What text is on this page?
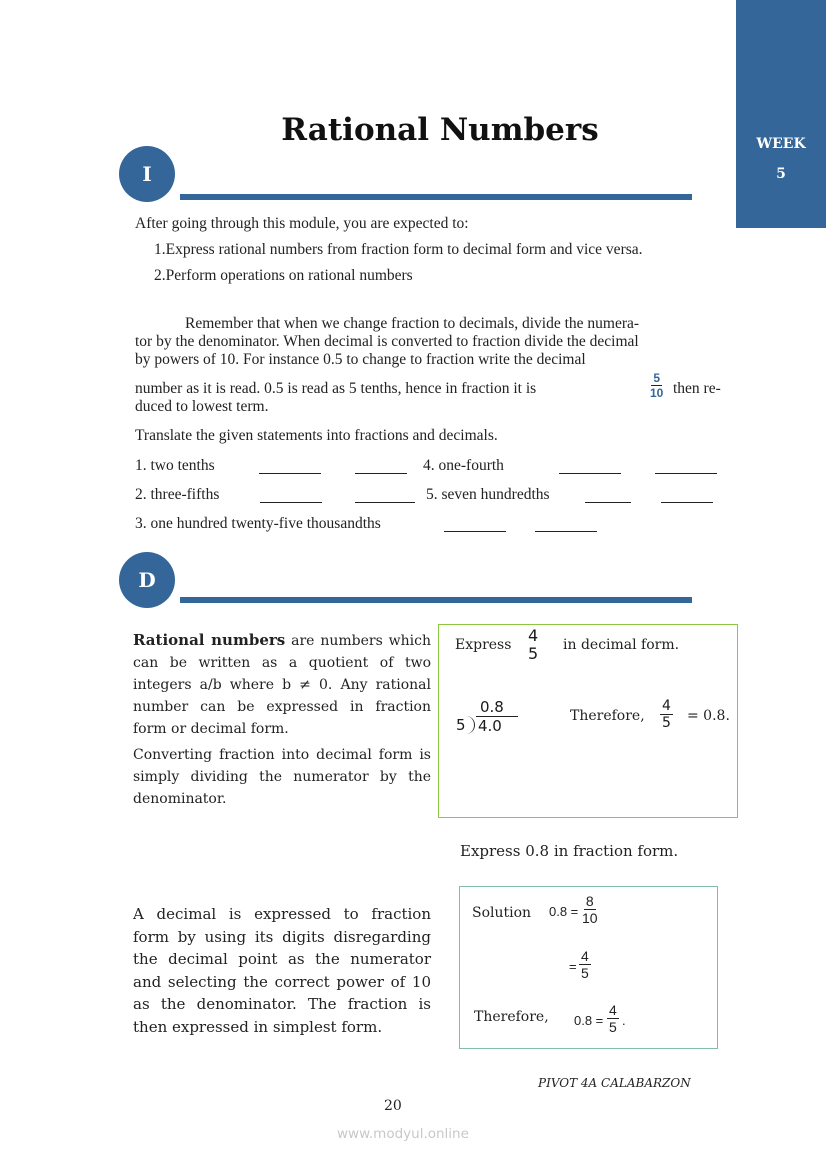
WEEK
5
Rational Numbers
I
After going through this module, you are expected to:
1.Express rational numbers from fraction form to decimal form and vice versa.
2.Perform operations on rational numbers
Remember that when we change fraction to decimals, divide the numera-
tor by the denominator. When decimal is converted to fraction divide the decimal
by powers of 10. For instance 0.5 to change to fraction write the decimal
number as it is read. 0.5 is read as 5 tenths, hence in fraction it is	$\frac{5}{10}$ then re-
duced to lowest term.
Translate the given statements into fractions and decimals.
1. two tenths	4. one-fourth
2. three-fifths	5. seven hundredths
3. one hundred twenty-five thousandths
D
Rational numbers are numbers which can be written as a quotient of two integers a/b where b ≠ 0. Any rational number can be expressed in fraction form or decimal form.
Converting fraction into decimal form is simply dividing the numerator by the denominator.
Express 4
5 in decimal form.
0.8
5 4.0
Therefore, $\frac{4}{5} = 0.8$.
Express 0.8 in fraction form.
A decimal is expressed to fraction form by using its digits disregarding the decimal point as the numerator and selecting the correct power of 10 as the denominator. The fraction is then expressed in simplest form.
Solution $0.8 = \frac{8}{10}$
= $\frac{4}{5}$
Therefore, $0.8 = \frac{4}{5}$ .
PIVOT 4A CALABARZON
20
www.modyul.online
